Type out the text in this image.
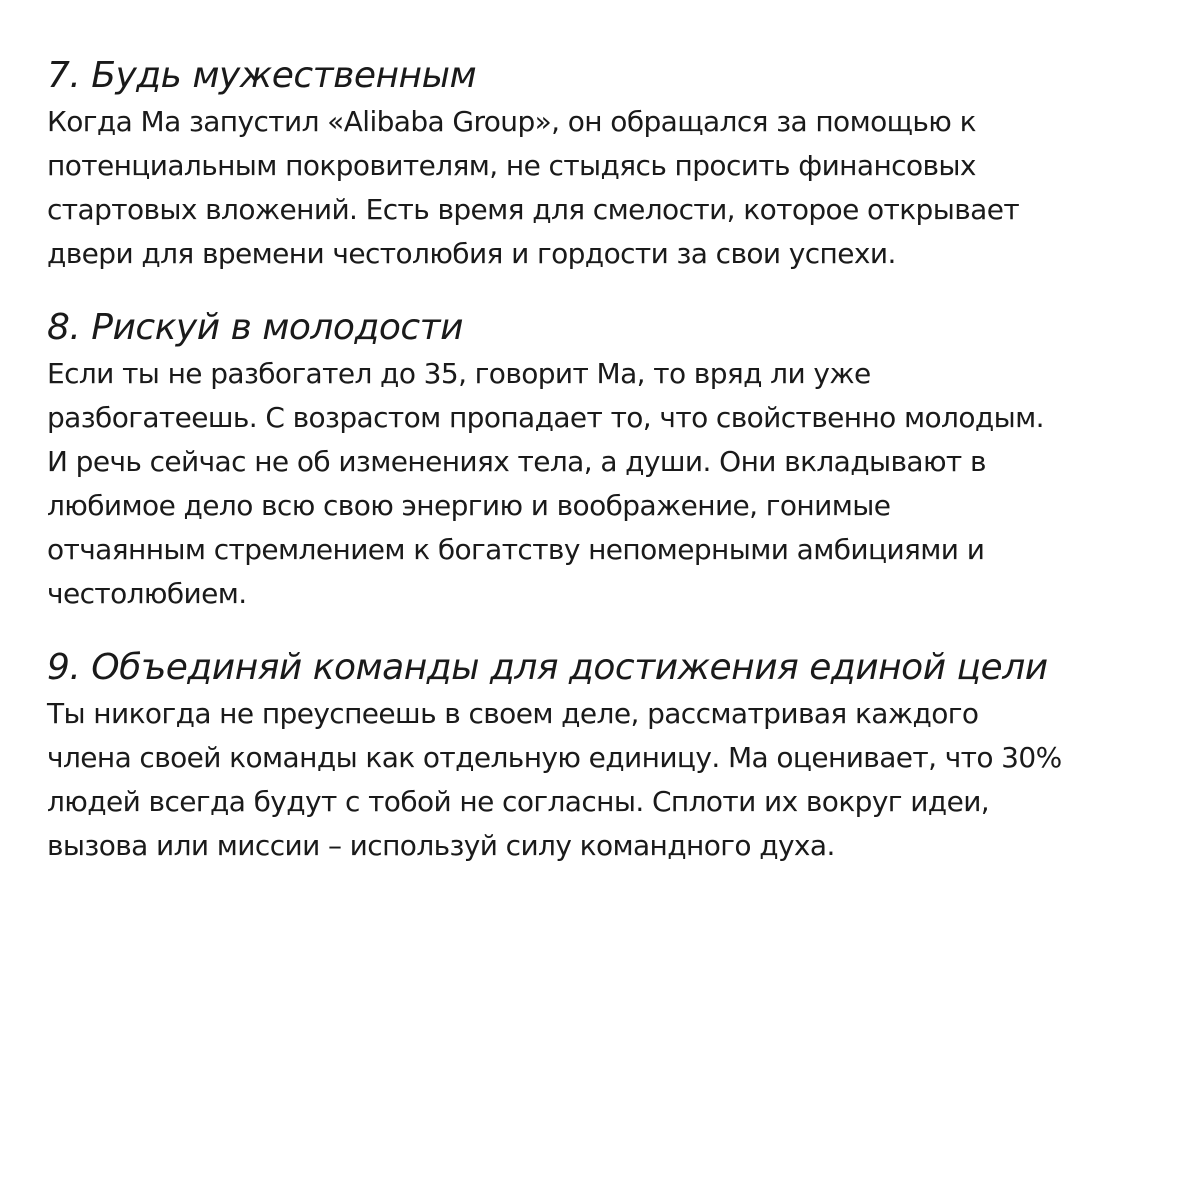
7. Будь мужественным

Когда Ма запустил «Alibaba Group», он обращался за помощью к
потенциальным покровителям, не стыдясь просить финансовых
стартовых вложений. Есть время для смелости, которое открывает
двери для времени честолюбия и гордости за свои успехи.

8. Рискуй в молодости

Если ты не разбогател до 35, говорит Ма, то вряд ли уже
разбогатеешь. С возрастом пропадает то, что свойственно молодым.
И речь сейчас не об изменениях тела, а души. Они вкладывают в
любимое дело всю свою энергию и воображение, гонимые
отчаянным стремлением к богатству непомерными амбициями и
честолюбием.

9. Объединяй команды для достижения единой цели

Ты никогда не преуспеешь в своем деле, рассматривая каждого
члена своей команды как отдельную единицу. Ма оценивает, что 30%
людей всегда будут с тобой не согласны. Сплоти их вокруг идеи,
вызова или миссии – используй силу командного духа.
